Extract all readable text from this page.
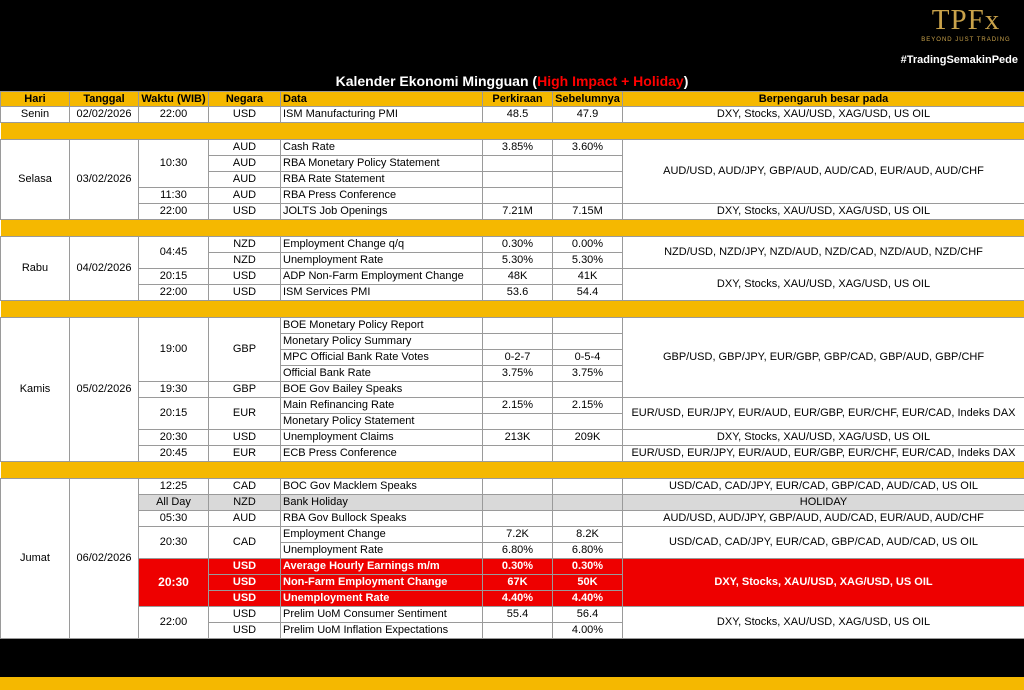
TPFx
BEYOND JUST TRADING
#TradingSemakinPede
Kalender Ekonomi Mingguan (High Impact + Holiday)
Hari	Tanggal	Waktu (WIB)	Negara	Data	Perkiraan	Sebelumnya	Berpengaruh besar pada
Senin	02/02/2026	22:00	USD	ISM Manufacturing PMI	48.5	47.9	DXY, Stocks, XAU/USD, XAG/USD, US OIL

Selasa	03/02/2026	10:30	AUD	Cash Rate	3.85%	3.60%	AUD/USD, AUD/JPY, GBP/AUD, AUD/CAD, EUR/AUD, AUD/CHF
			AUD	RBA Monetary Policy Statement			
			AUD	RBA Rate Statement			
		11:30	AUD	RBA Press Conference			
		22:00	USD	JOLTS Job Openings	7.21M	7.15M	DXY, Stocks, XAU/USD, XAG/USD, US OIL

Rabu	04/02/2026	04:45	NZD	Employment Change q/q	0.30%	0.00%	NZD/USD, NZD/JPY, NZD/AUD, NZD/CAD, NZD/AUD, NZD/CHF
			NZD	Unemployment Rate	5.30%	5.30%	
		20:15	USD	ADP Non-Farm Employment Change	48K	41K	DXY, Stocks, XAU/USD, XAG/USD, US OIL
		22:00	USD	ISM Services PMI	53.6	54.4	

Kamis	05/02/2026	19:00	GBP	BOE Monetary Policy Report			GBP/USD, GBP/JPY, EUR/GBP, GBP/CAD, GBP/AUD, GBP/CHF
				Monetary Policy Summary			
				MPC Official Bank Rate Votes	0-2-7	0-5-4	
				Official Bank Rate	3.75%	3.75%	
		19:30	GBP	BOE Gov Bailey Speaks			
		20:15	EUR	Main Refinancing Rate	2.15%	2.15%	EUR/USD, EUR/JPY, EUR/AUD, EUR/GBP, EUR/CHF, EUR/CAD, Indeks DAX
				Monetary Policy Statement			
		20:30	USD	Unemployment Claims	213K	209K	DXY, Stocks, XAU/USD, XAG/USD, US OIL
		20:45	EUR	ECB Press Conference			EUR/USD, EUR/JPY, EUR/AUD, EUR/GBP, EUR/CHF, EUR/CAD, Indeks DAX

Jumat	06/02/2026	12:25	CAD	BOC Gov Macklem Speaks			USD/CAD, CAD/JPY, EUR/CAD, GBP/CAD, AUD/CAD, US OIL
		All Day	NZD	Bank Holiday			HOLIDAY
		05:30	AUD	RBA Gov Bullock Speaks			AUD/USD, AUD/JPY, GBP/AUD, AUD/CAD, EUR/AUD, AUD/CHF
		20:30	CAD	Employment Change	7.2K	8.2K	USD/CAD, CAD/JPY, EUR/CAD, GBP/CAD, AUD/CAD, US OIL
				Unemployment Rate	6.80%	6.80%	
		20:30	USD	Average Hourly Earnings m/m	0.30%	0.30%	DXY, Stocks, XAU/USD, XAG/USD, US OIL
			USD	Non-Farm Employment Change	67K	50K	
			USD	Unemployment Rate	4.40%	4.40%	
		22:00	USD	Prelim UoM Consumer Sentiment	55.4	56.4	DXY, Stocks, XAU/USD, XAG/USD, US OIL
			USD	Prelim UoM Inflation Expectations		4.00%	
